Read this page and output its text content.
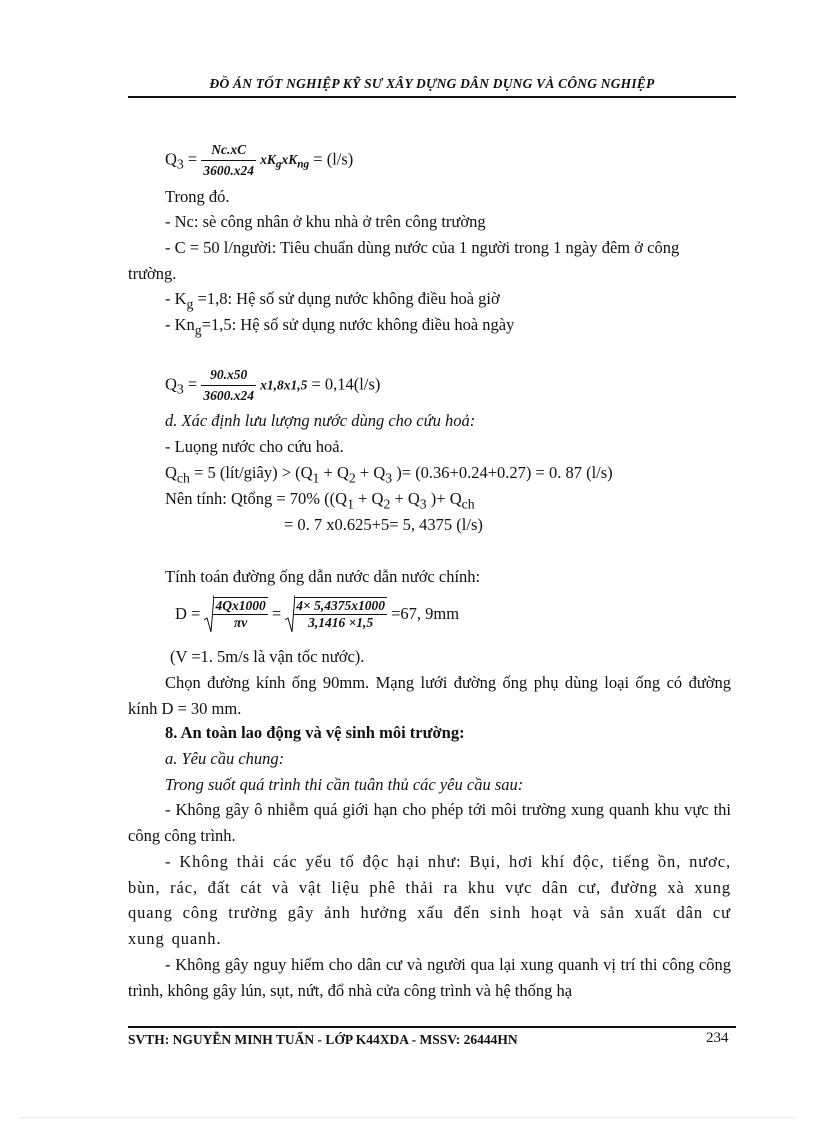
ĐỒ ÁN TỐT NGHIỆP KỸ SƯ XÂY DỰNG DÂN DỤNG VÀ CÔNG NGHIỆP
$Q_3 = \frac{Nc.xC}{3600.x24} xK_gxK_{ng} = (l/s)$
Trong đó.
- Nc: sè công nhân ở khu nhà ở trên công trường
- C = 50 l/người: Tiêu chuẩn dùng nước của 1 người trong 1 ngày đêm ở công
trường.
- $K_g =1,8$: Hệ số sử dụng nước không điều hoà giờ
- $Kn_g=1,5$: Hệ số sử dụng nước không điều hoà ngày
$Q_3 = \frac{90.x50}{3600.x24} x1,8x1,5 = 0,14(l/s)$
d. Xác định lưu lượng nước dùng cho cứu hoả:
- Luọng nước cho cứu hoả.
$Q_{ch} = 5$ (lít/giây) > ($Q_1 + Q_2 + Q_3$ )= (0.36+0.24+0.27) = 0. 87 (l/s)
Nên tính: Qtổng = 70% (($Q_1 + Q_2 + Q_3$ )+ $Q_{ch}$
= 0. 7 x0.625+5= 5, 4375 (l/s)
Tính toán đường ống dẫn nước dẫn nước chính:
$D = \frac{4Qx1000}{\pi v} = \frac{4\times 5,4375x1000}{3,1416 \times 1,5} =67$, 9mm
(V =1. 5m/s là vận tốc nước).
Chọn đường kính ống 90mm. Mạng lưới đường ống phụ dùng loại ống có đường kính D = 30 mm.
8. An toàn lao động và vệ sinh môi trường:
a. Yêu cầu chung:
Trong suốt quá trình thi cần tuân thủ các yêu cầu sau:
- Không gây ô nhiễm quá giới hạn cho phép tới môi trường xung quanh khu vực thi công công trình.
- Không thải các yếu tố độc hại như: Bụi, hơi khí độc, tiếng ồn, nươc, bùn, rác, đất cát và vật liệu phê thải ra khu vực dân cư, đường xà xung quang công trường gây ảnh hưởng xấu đến sinh hoạt và sản xuất dân cư xung quanh.
- Không gây nguy hiểm cho dân cư và người qua lại xung quanh vị trí thi công công trình, không gây lún, sụt, nứt, đổ nhà cửa công trình và hệ thống hạ
SVTH: NGUYỄN MINH TUẤN - LỚP K44XDA - MSSV: 26444HN	234
